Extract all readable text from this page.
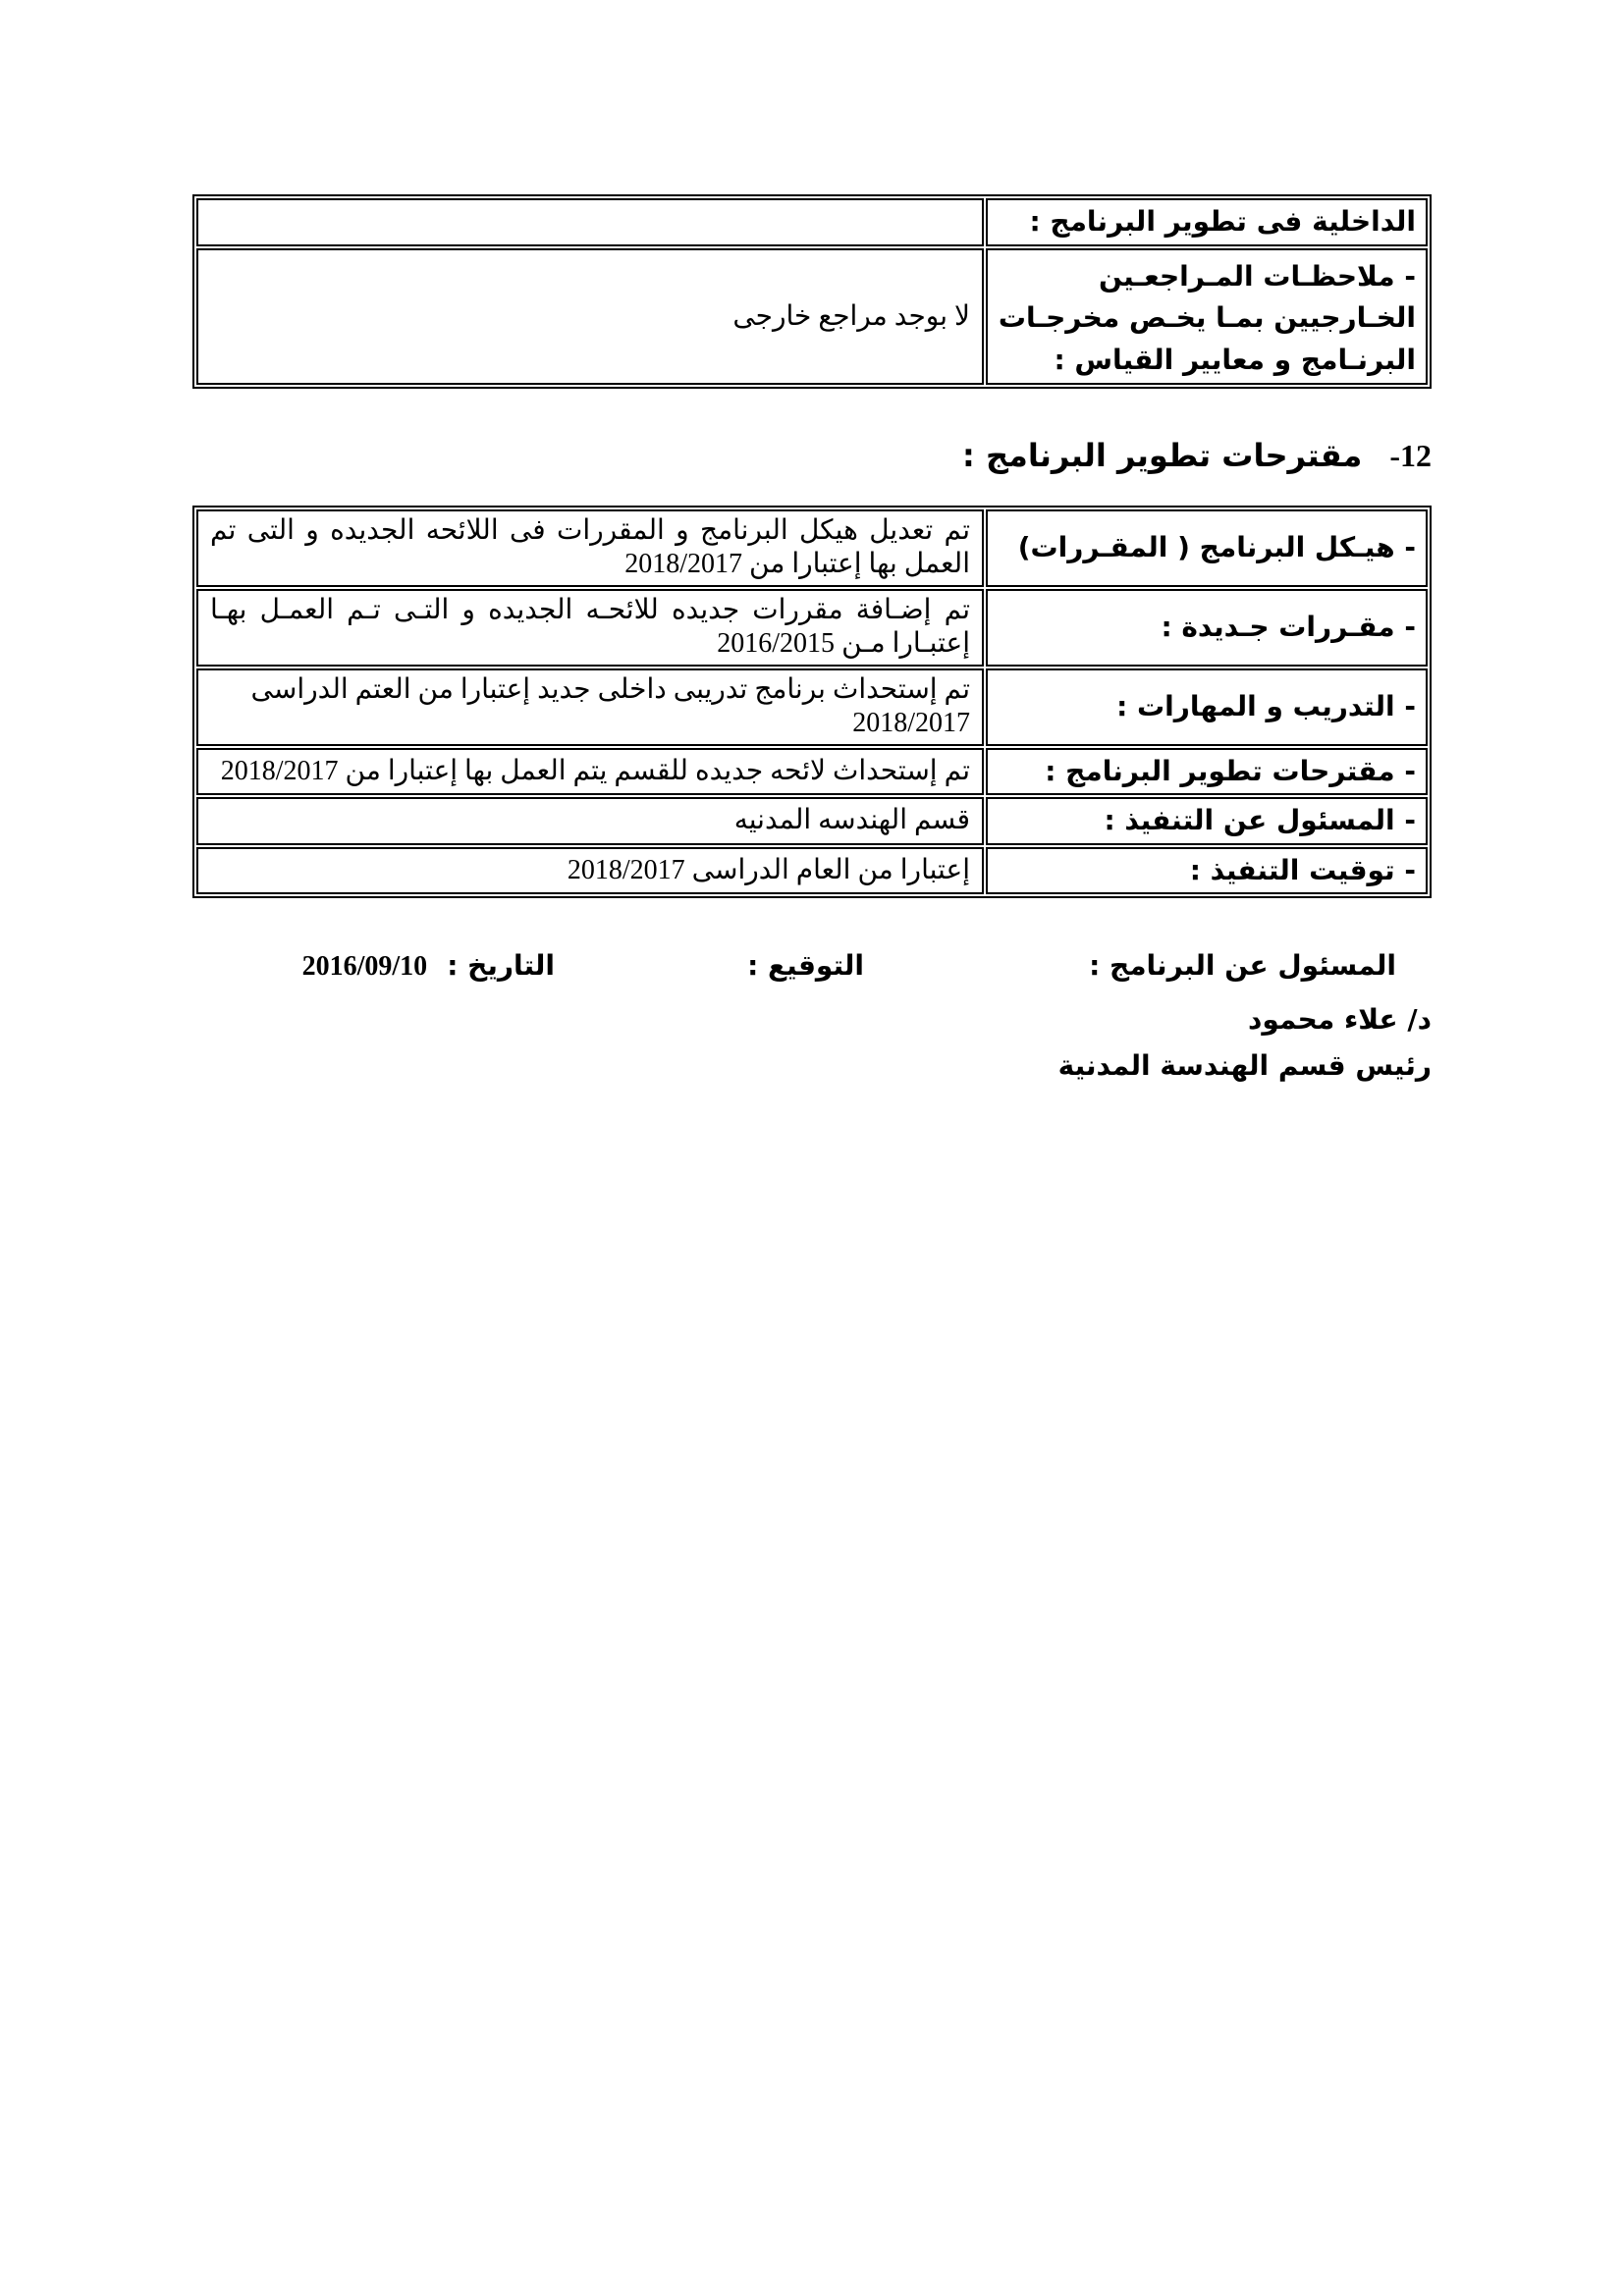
الداخلية فى تطوير البرنامج :	
- ملاحظـات المـراجعـين الخـارجيين بمـا يخـص مخرجـات البرنـامج و معايير القياس :	لا بوجد مراجع خارجى
12-مقترحات تطوير البرنامج :
- هيـكل البرنامج ( المقـررات)	تم تعديل هيكل البرنامج و المقررات فى اللائحه الجديده و التى تم العمل بها إعتبارا من 2018/2017
- مقـررات جـديدة :	تم إضـافة مقررات جديده للائحـه الجديده و التـى تـم العمـل بهـا إعتبـارا مـن 2016/2015
- التدريب و المهارات :	تم إستحداث برنامج تدريبى داخلى جديد إعتبارا من العتم الدراسى 2018/2017
- مقترحات تطوير البرنامج :	تم إستحداث لائحه جديده للقسم يتم العمل بها إعتبارا من 2018/2017
- المسئول عن التنفيذ :	قسم الهندسه المدنيه
- توقيت التنفيذ :	إعتبارا من العام الدراسى 2018/2017
المسئول عن البرنامج :
التوقيع :
التاريخ :2016/09/10
د/ علاء محمود
رئيس قسم الهندسة المدنية
